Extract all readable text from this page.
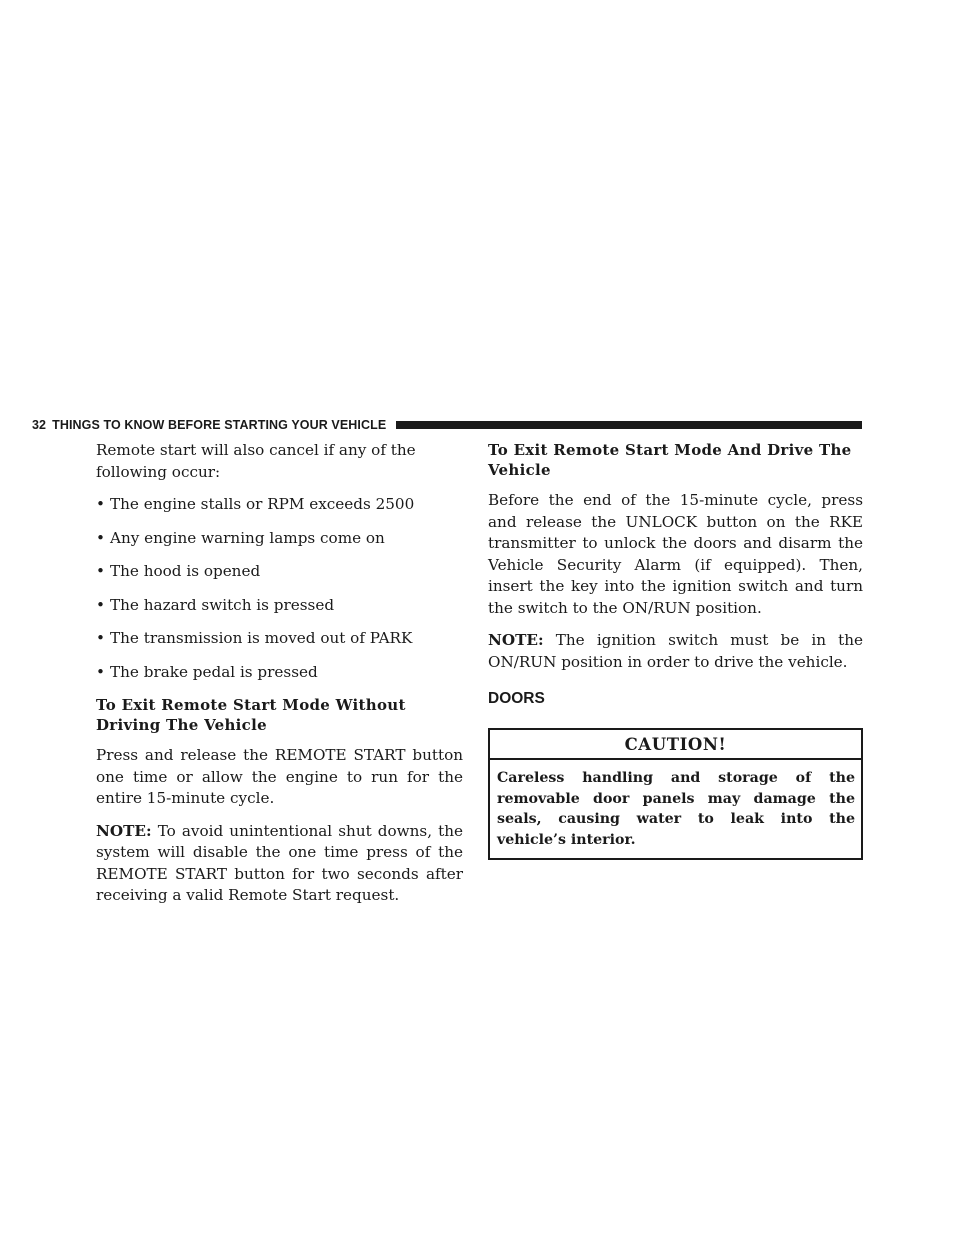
32 THINGS TO KNOW BEFORE STARTING YOUR VEHICLE

Remote start will also cancel if any of the following occur:

• The engine stalls or RPM exceeds 2500
• Any engine warning lamps come on
• The hood is opened
• The hazard switch is pressed
• The transmission is moved out of PARK
• The brake pedal is pressed

To Exit Remote Start Mode Without Driving The Vehicle

Press and release the REMOTE START button one time or allow the engine to run for the entire 15-minute cycle.

NOTE: To avoid unintentional shut downs, the system will disable the one time press of the REMOTE START button for two seconds after receiving a valid Remote Start request.

To Exit Remote Start Mode And Drive The Vehicle

Before the end of the 15-minute cycle, press and release the UNLOCK button on the RKE transmitter to unlock the doors and disarm the Vehicle Security Alarm (if equipped). Then, insert the key into the ignition switch and turn the switch to the ON/RUN position.

NOTE: The ignition switch must be in the ON/RUN position in order to drive the vehicle.

DOORS
CAUTION!
Careless handling and storage of the removable door panels may damage the seals, causing water to leak into the vehicle’s interior.
